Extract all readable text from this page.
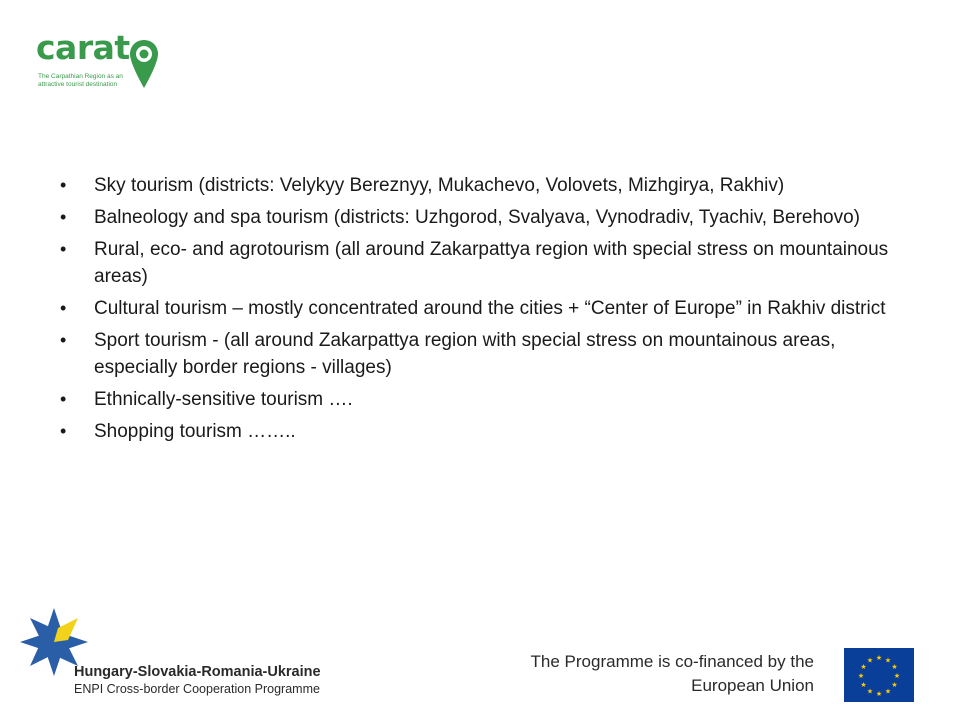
carat
The Carpathian Region as an
attractive tourist destination
• Sky tourism (districts: Velykyy Bereznyy, Mukachevo, Volovets, Mizhgirya, Rakhiv)
• Balneology and spa tourism (districts: Uzhgorod, Svalyava, Vynodradiv, Tyachiv, Berehovo)
• Rural, eco- and agrotourism (all around Zakarpattya region with special stress on mountainous areas)
• Cultural tourism – mostly concentrated around the cities + “Center of Europe” in Rakhiv district
• Sport tourism - (all around Zakarpattya region with special stress on mountainous areas, especially border regions - villages)
• Ethnically-sensitive tourism ….
• Shopping tourism ……..
Hungary-Slovakia-Romania-Ukraine
ENPI Cross-border Cooperation Programme
The Programme is co-financed by the European Union
★ ★
★
★
★
★
★
★
★
★
★
★
